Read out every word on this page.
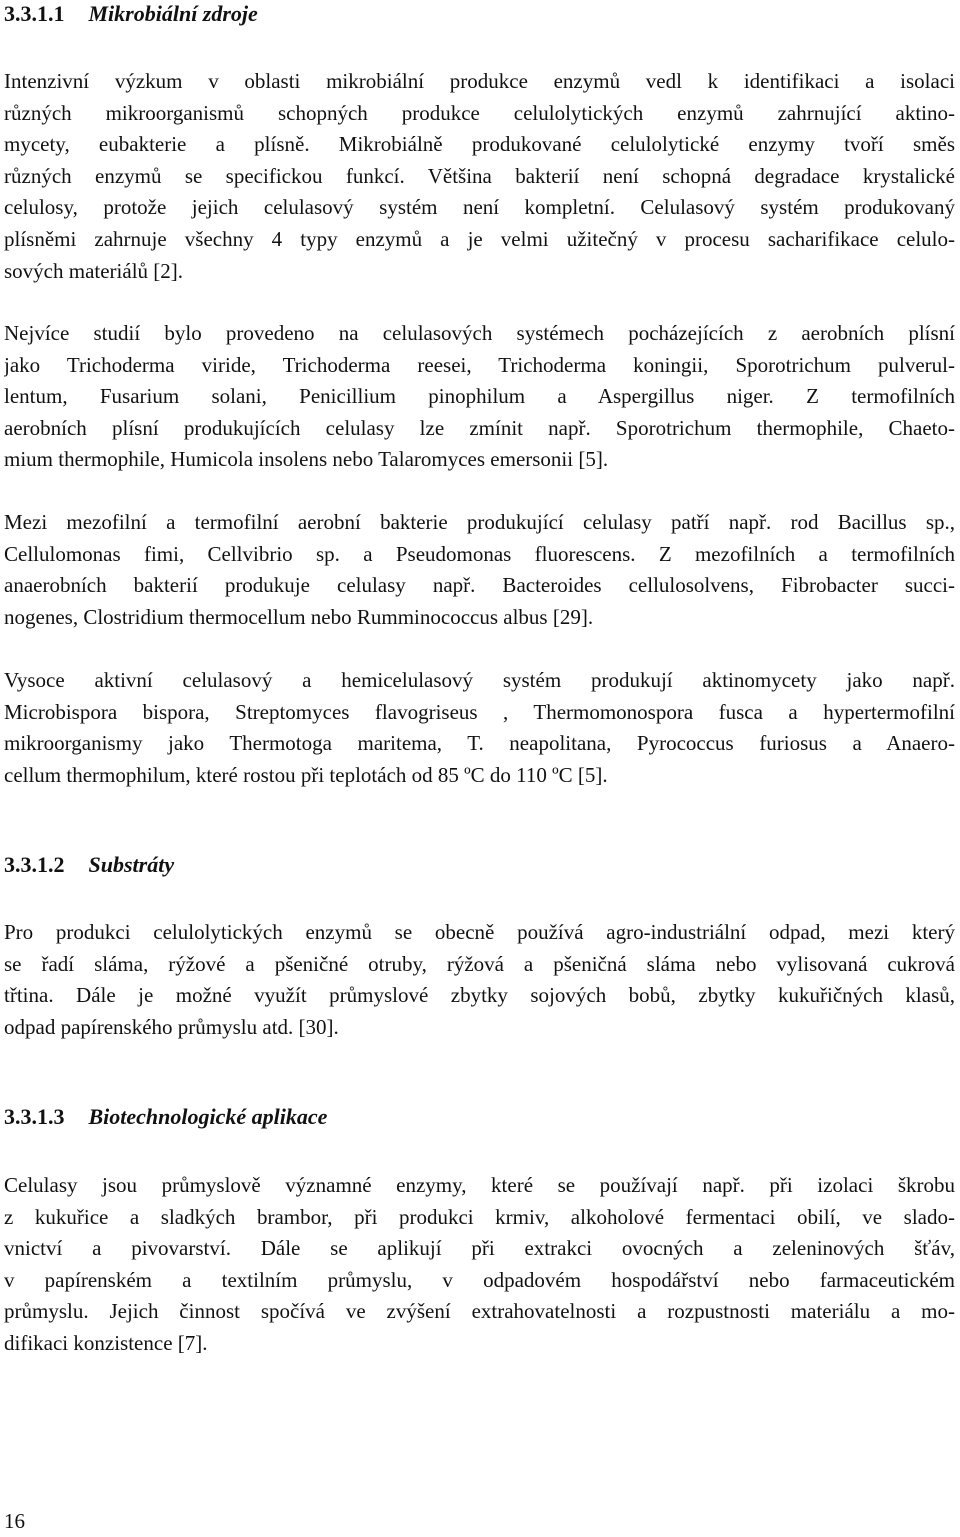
3.3.1.1 Mikrobiální zdroje
Intenzivní výzkum v oblasti mikrobiální produkce enzymů vedl k identifikaci a isolaci
různých mikroorganismů schopných produkce celulolytických enzymů zahrnující aktino-
mycety, eubakterie a plísně. Mikrobiálně produkované celulolytické enzymy tvoří směs
různých enzymů se specifickou funkcí. Většina bakterií není schopná degradace krystalické
celulosy, protože jejich celulasový systém není kompletní. Celulasový systém produkovaný
plísněmi zahrnuje všechny 4 typy enzymů a je velmi užitečný v procesu sacharifikace celulo-
sových materiálů [2].
Nejvíce studií bylo provedeno na celulasových systémech pocházejících z aerobních plísní
jako Trichoderma viride, Trichoderma reesei, Trichoderma koningii, Sporotrichum pulverul-
lentum, Fusarium solani, Penicillium pinophilum a Aspergillus niger. Z termofilních
aerobních plísní produkujících celulasy lze zmínit např. Sporotrichum thermophile, Chaeto-
mium thermophile, Humicola insolens nebo Talaromyces emersonii [5].
Mezi mezofilní a termofilní aerobní bakterie produkující celulasy patří např. rod Bacillus sp.,
Cellulomonas fimi, Cellvibrio sp. a Pseudomonas fluorescens. Z mezofilních a termofilních
anaerobních bakterií produkuje celulasy např. Bacteroides cellulosolvens, Fibrobacter succi-
nogenes, Clostridium thermocellum nebo Rumminococcus albus [29].
Vysoce aktivní celulasový a hemicelulasový systém produkují aktinomycety jako např.
Microbispora bispora, Streptomyces flavogriseus , Thermomonospora fusca a hypertermofilní
mikroorganismy jako Thermotoga maritema, T. neapolitana, Pyrococcus furiosus a Anaero-
cellum thermophilum, které rostou při teplotách od 85 ºC do 110 ºC [5].
3.3.1.2 Substráty
Pro produkci celulolytických enzymů se obecně používá agro-industriální odpad, mezi který
se řadí sláma, rýžové a pšeničné otruby, rýžová a pšeničná sláma nebo vylisovaná cukrová
třtina. Dále je možné využít průmyslové zbytky sojových bobů, zbytky kukuřičných klasů,
odpad papírenského průmyslu atd. [30].
3.3.1.3 Biotechnologické aplikace
Celulasy jsou průmyslově významné enzymy, které se používají např. při izolaci škrobu
z kukuřice a sladkých brambor, při produkci krmiv, alkoholové fermentaci obilí, ve slado-
vnictví a pivovarství. Dále se aplikují při extrakci ovocných a zeleninových šťáv,
v papírenském a textilním průmyslu, v odpadovém hospodářství nebo farmaceutickém
průmyslu. Jejich činnost spočívá ve zvýšení extrahovatelnosti a rozpustnosti materiálu a mo-
difikaci konzistence [7].
16
